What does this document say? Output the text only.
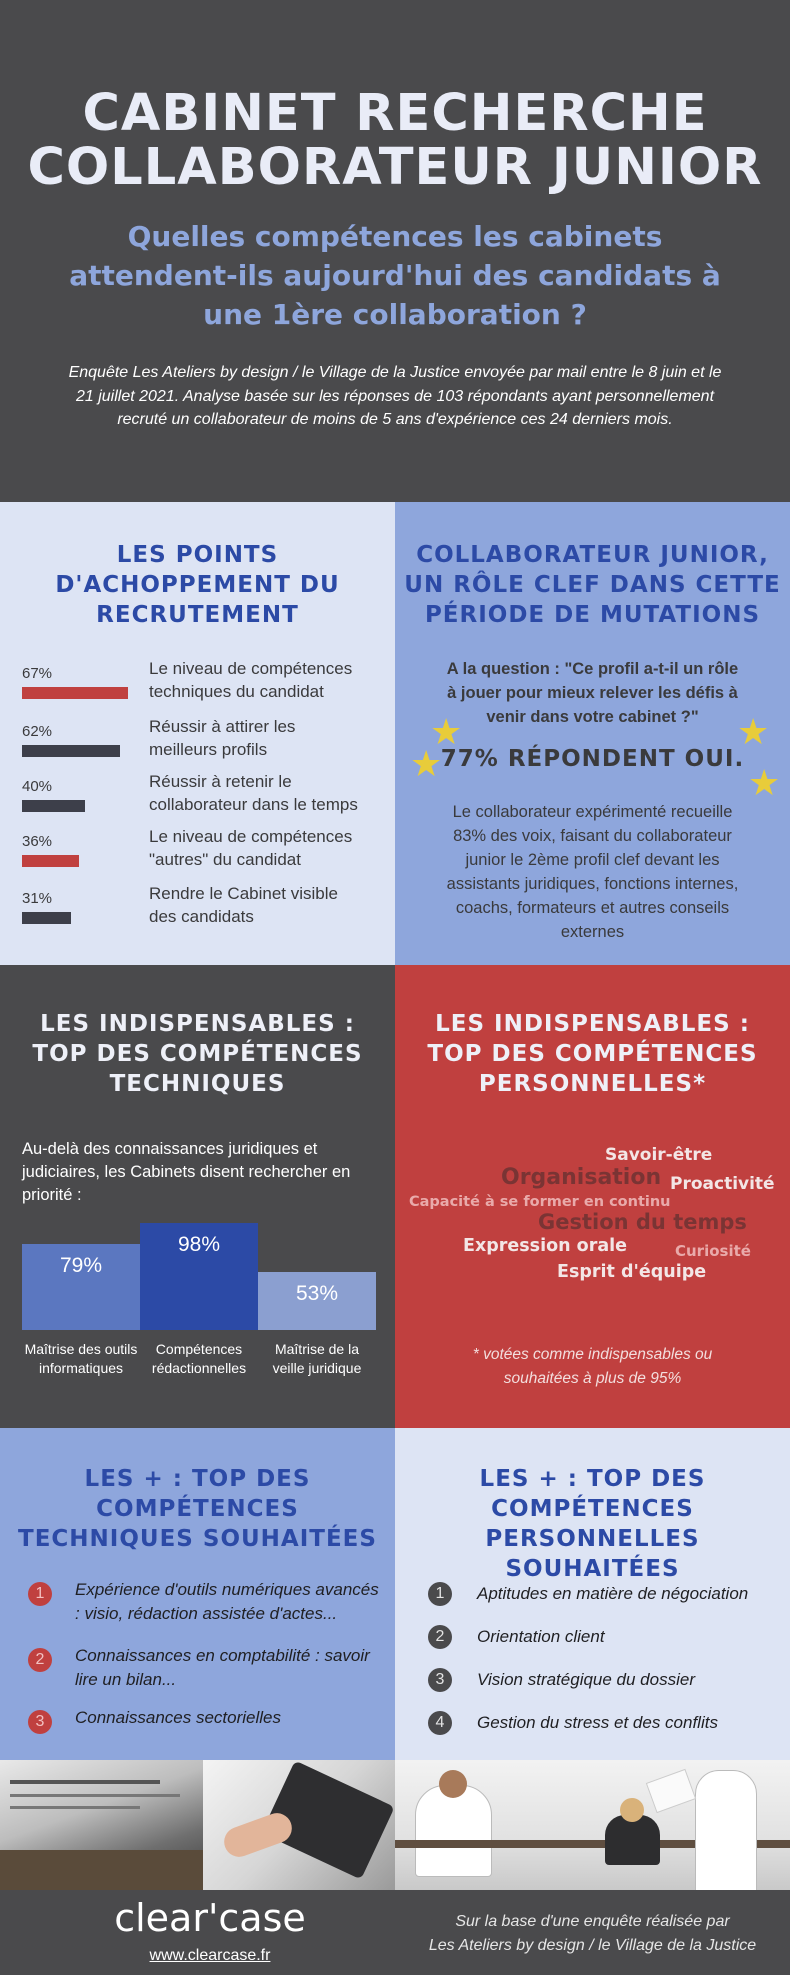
CABINET RECHERCHE
COLLABORATEUR JUNIOR
Quelles compétences les cabinets
attendent-ils aujourd'hui des candidats à
une 1ère collaboration ?
Enquête Les Ateliers by design / le Village de la Justice envoyée par mail entre le 8 juin et le
21 juillet 2021. Analyse basée sur les réponses de 103 répondants ayant personnellement
recruté un collaborateur de moins de 5 ans d'expérience ces 24 derniers mois.
LES POINTS
D'ACHOPPEMENT DU
RECRUTEMENT
67%	Le niveau de compétences
techniques du candidat
62%	Réussir à attirer les
meilleurs profils
40%	Réussir à retenir le
collaborateur dans le temps
36%	Le niveau de compétences
"autres" du candidat
31%	Rendre le Cabinet visible
des candidats
COLLABORATEUR JUNIOR,
UN RÔLE CLEF DANS CETTE
PÉRIODE DE MUTATIONS
A la question : "Ce profil a-t-il un rôle
à jouer pour mieux relever les défis à
venir dans votre cabinet ?"
★
★
★
★
77% RÉPONDENT OUI.
Le collaborateur expérimenté recueille
83% des voix, faisant du collaborateur
junior le 2ème profil clef devant les
assistants juridiques, fonctions internes,
coachs, formateurs et autres conseils
externes
LES INDISPENSABLES :
TOP DES COMPÉTENCES
TECHNIQUES
Au-delà des connaissances juridiques et
judiciaires, les Cabinets disent rechercher en
priorité :
79%
Maîtrise des outils
informatiques
98%
Compétences
rédactionnelles
53%
Maîtrise de la
veille juridique
LES INDISPENSABLES :
TOP DES COMPÉTENCES
PERSONNELLES*
Savoir-être
Organisation Proactivité
Capacité à se former en continu
Gestion du temps
Expression orale	Curiosité
Esprit d'équipe
* votées comme indispensables ou
souhaitées à plus de 95%
LES + : TOP DES
COMPÉTENCES
TECHNIQUES SOUHAITÉES
1	Expérience d'outils numériques avancés
: visio, rédaction assistée d'actes...
2	Connaissances en comptabilité : savoir
lire un bilan...
3	Connaissances sectorielles
LES + : TOP DES
COMPÉTENCES
PERSONNELLES SOUHAITÉES
1	Aptitudes en matière de négociation
2	Orientation client
3	Vision stratégique du dossier
4	Gestion du stress et des conflits
clear'case
www.clearcase.fr
Sur la base d'une enquête réalisée par
Les Ateliers by design / le Village de la Justice
